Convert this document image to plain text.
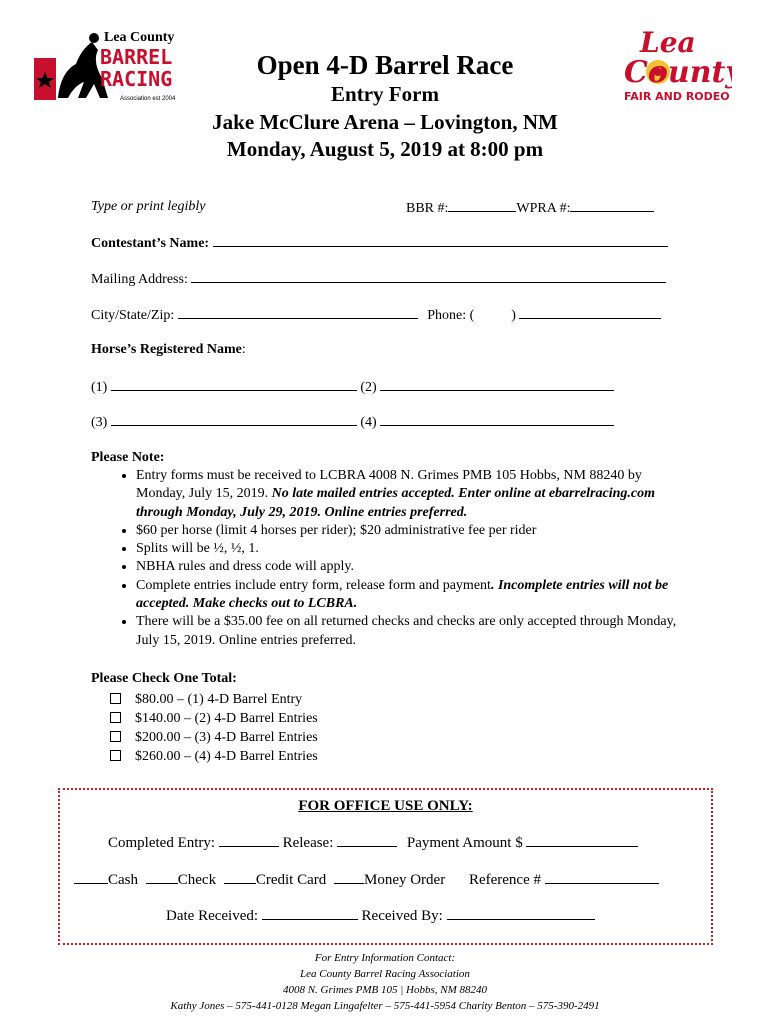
Lea County
BARREL
RACING
Association est 2004
Lea
County
FAIR AND RODEO
Open 4-D Barrel Race
Entry Form
Jake McClure Arena – Lovington, NM
Monday, August 5, 2019 at 8:00 pm
Type or print legibly	BBR #:	WPRA #:
Contestant’s Name:
Mailing Address:
City/State/Zip:	Phone: (	)
Horse’s Registered Name:
(1)	(2)
(3)	(4)
Please Note:
• Entry forms must be received to LCBRA 4008 N. Grimes PMB 105 Hobbs, NM 88240 by Monday, July 15, 2019. No late mailed entries accepted. Enter online at ebarrelracing.com through Monday, July 29, 2019. Online entries preferred.
• $60 per horse (limit 4 horses per rider); $20 administrative fee per rider
• Splits will be ½, ½, 1.
• NBHA rules and dress code will apply.
• Complete entries include entry form, release form and payment. Incomplete entries will not be accepted. Make checks out to LCBRA.
• There will be a $35.00 fee on all returned checks and checks are only accepted through Monday, July 15, 2019. Online entries preferred.
Please Check One Total:
$80.00 – (1) 4-D Barrel Entry
$140.00 – (2) 4-D Barrel Entries
$200.00 – (3) 4-D Barrel Entries
$260.00 – (4) 4-D Barrel Entries
FOR OFFICE USE ONLY:
Completed Entry:	Release:	Payment Amount $
Cash	Check	Credit Card	Money Order Reference #
Date Received:	Received By:
For Entry Information Contact:
Lea County Barrel Racing Association
4008 N. Grimes PMB 105 | Hobbs, NM 88240
Kathy Jones – 575-441-0128 Megan Lingafelter – 575-441-5954 Charity Benton – 575-390-2491
